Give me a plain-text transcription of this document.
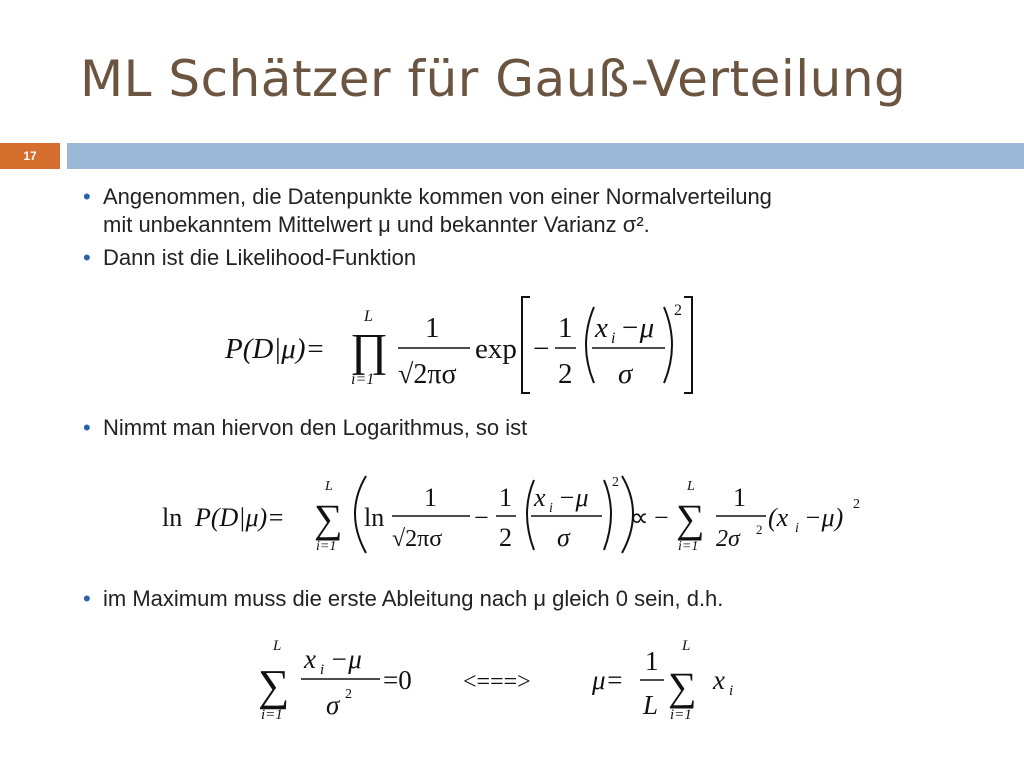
ML Schätzer für Gauß-Verteilung
17
• Angenommen, die Datenpunkte kommen von einer Normalverteilung
mit unbekanntem Mittelwert μ und bekannter Varianz σ².
• Dann ist die Likelihood-Funktion
P(D|μ)= ∏
L
i=1
1
√2πσ
exp −
1
2
x i −μ
σ
2
• Nimmt man hiervon den Logarithmus, so ist
ln P(D|μ)= ∑
L
i=1
ln
1
√2πσ
−
1
2
x i −μ
σ
2
∝ − ∑
L
i=1
1
2σ 2 (x i −μ) 2
• im Maximum muss die erste Ableitung nach μ gleich 0 sein, d.h.
∑
L
i=1
x i −μ
σ 2 =0 <===> μ=
1
L ∑
L
i=1
x i
